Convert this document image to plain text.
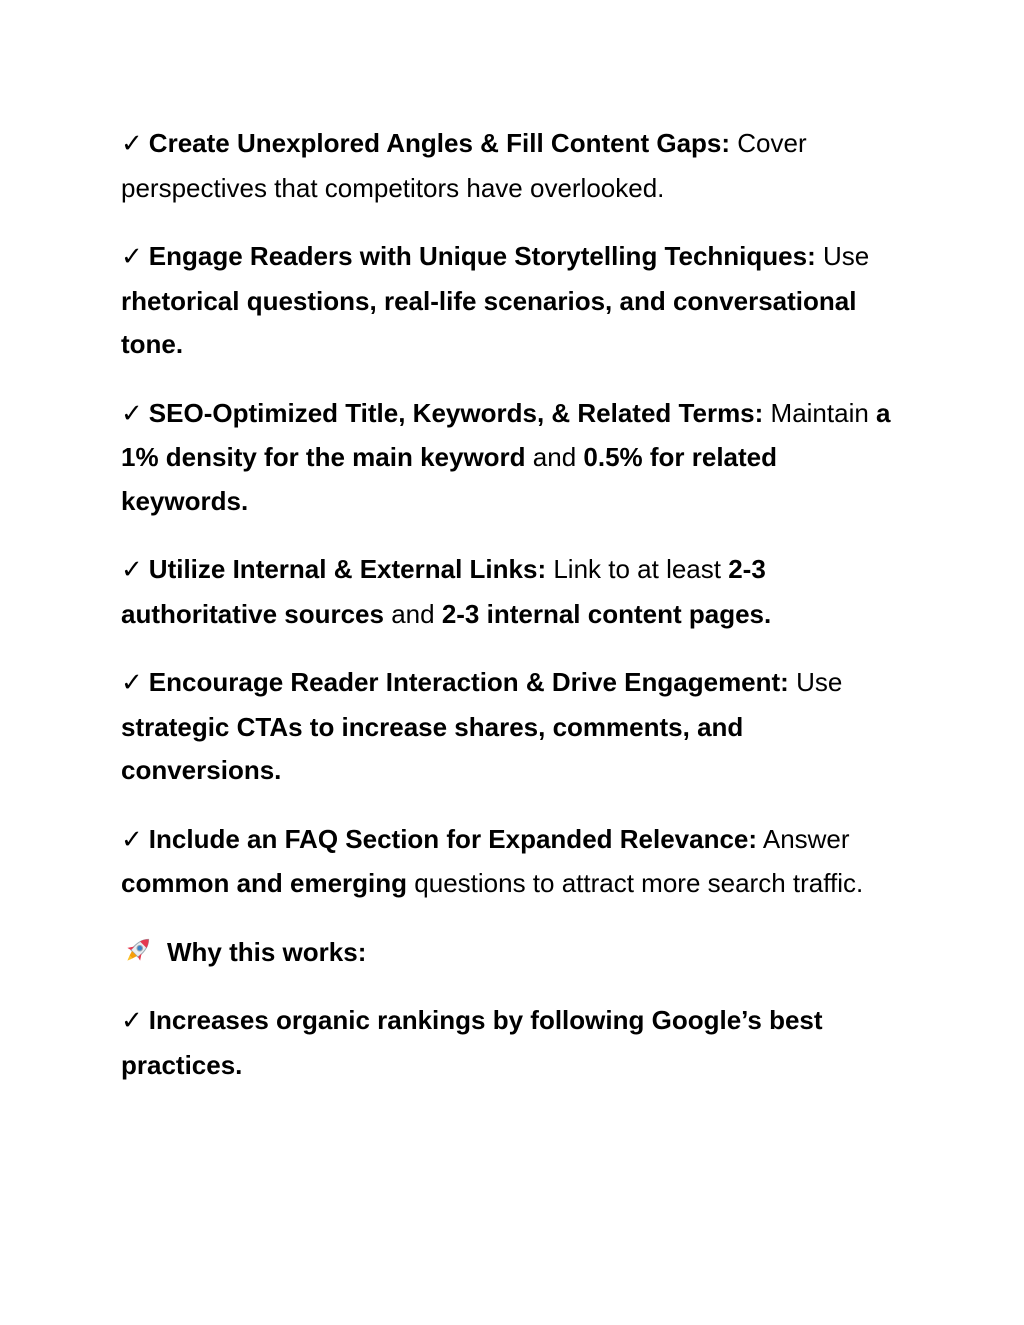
✓ Create Unexplored Angles & Fill Content Gaps: Cover perspectives that competitors have overlooked.

✓ Engage Readers with Unique Storytelling Techniques: Use rhetorical questions, real-life scenarios, and conversational tone.

✓ SEO-Optimized Title, Keywords, & Related Terms: Maintain a 1% density for the main keyword and 0.5% for related keywords.

✓ Utilize Internal & External Links: Link to at least 2-3 authoritative sources and 2-3 internal content pages.

✓ Encourage Reader Interaction & Drive Engagement: Use strategic CTAs to increase shares, comments, and conversions.

✓ Include an FAQ Section for Expanded Relevance: Answer common and emerging questions to attract more search traffic.

Why this works:

✓ Increases organic rankings by following Google’s best practices.
